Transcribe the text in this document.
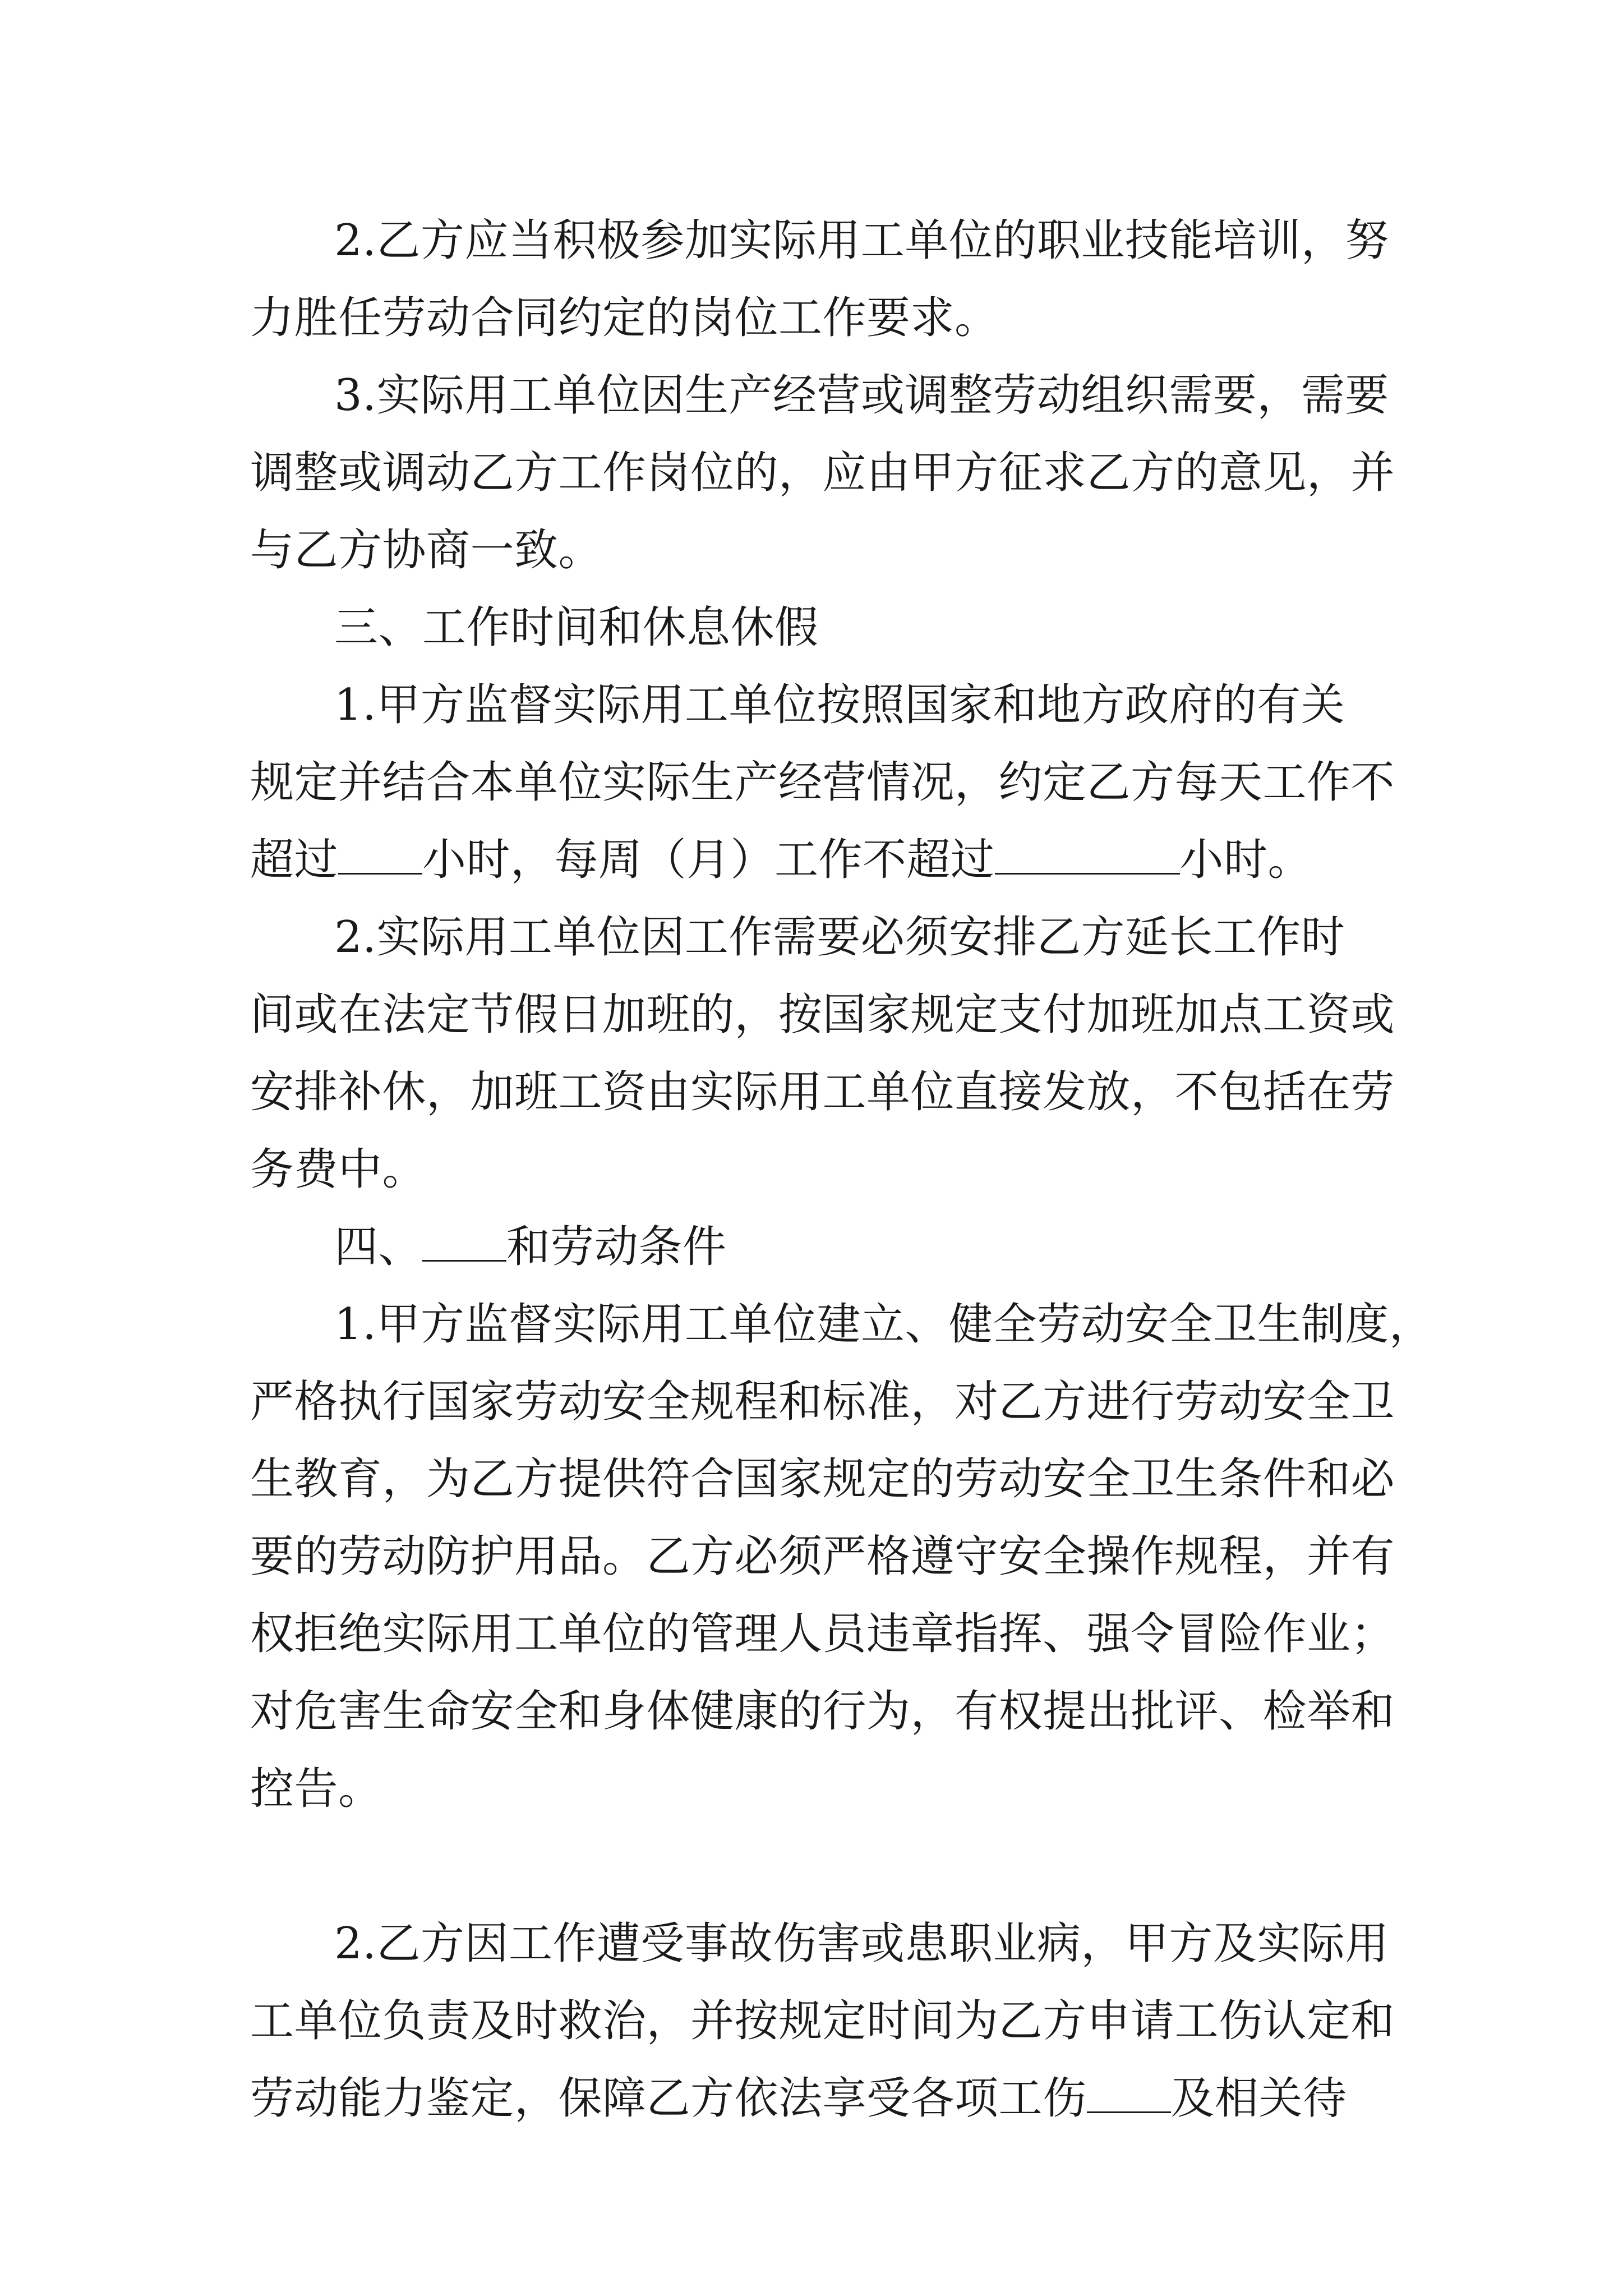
2.乙方应当积极参加实际用工单位的职业技能培训，努
力胜任劳动合同约定的岗位工作要求。
3.实际用工单位因生产经营或调整劳动组织需要，需要
调整或调动乙方工作岗位的，应由甲方征求乙方的意见，并
与乙方协商一致。
三、工作时间和休息休假
1.甲方监督实际用工单位按照国家和地方政府的有关
规定并结合本单位实际生产经营情况，约定乙方每天工作不
超过 小时，每周（月）工作不超过	小时。
2.实际用工单位因工作需要必须安排乙方延长工作时
间或在法定节假日加班的，按国家规定支付加班加点工资或
安排补休，加班工资由实际用工单位直接发放，不包括在劳
务费中。
四、 和劳动条件
1.甲方监督实际用工单位建立、健全劳动安全卫生制度，
严格执行国家劳动安全规程和标准，对乙方进行劳动安全卫
生教育，为乙方提供符合国家规定的劳动安全卫生条件和必
要的劳动防护用品。乙方必须严格遵守安全操作规程，并有
权拒绝实际用工单位的管理人员违章指挥、强令冒险作业；
对危害生命安全和身体健康的行为，有权提出批评、检举和
控告。
2.乙方因工作遭受事故伤害或患职业病，甲方及实际用
工单位负责及时救治，并按规定时间为乙方申请工伤认定和
劳动能力鉴定，保障乙方依法享受各项工伤 及相关待
